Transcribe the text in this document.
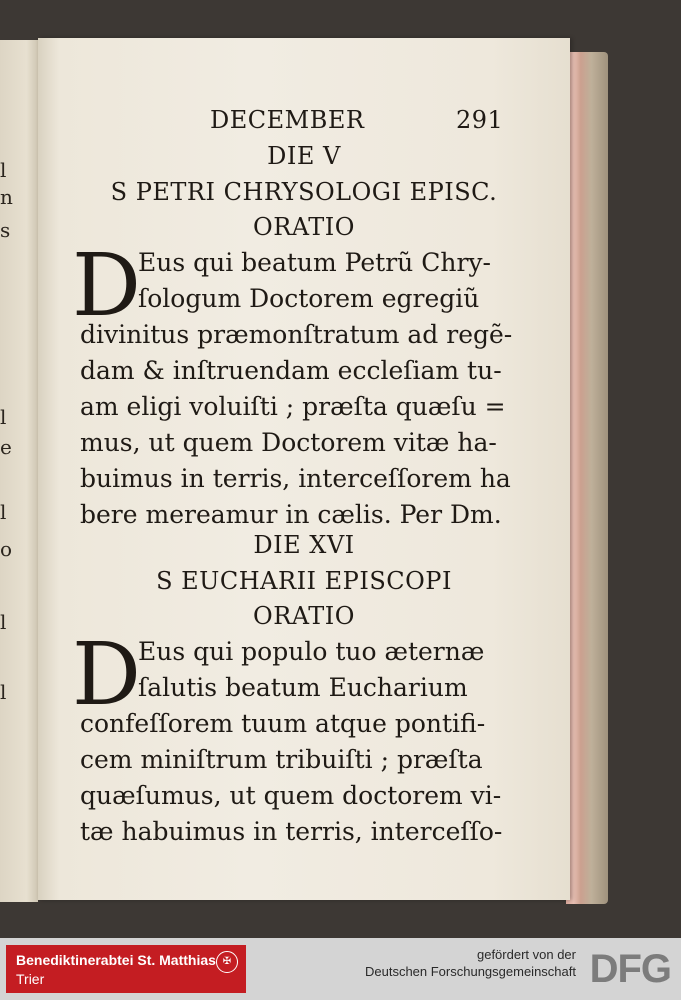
l
n
s
l
e
l
o
l
l
DECEMBER	291
DIE V
S PETRI CHRYSOLOGI EPISC.
ORATIO
D
Eus qui beatum Petrũ Chry-
ſologum Doctorem egregiũ
divinitus præmonſtratum ad regẽ-
dam & inſtruendam eccleſiam tu-
am eligi voluiſti ; præſta quæſu =
mus, ut quem Doctorem vitæ ha-
buimus in terris, interceſſorem ha
bere mereamur in cælis. Per Dm.
DIE XVI
S EUCHARII EPISCOPI
ORATIO
D
Eus qui populo tuo æternæ
ſalutis beatum Eucharium
confeſſorem tuum atque pontifi-
cem miniſtrum tribuiſti ; præſta
quæſumus, ut quem doctorem vi-
tæ habuimus in terris, interceſſo-
Benediktinerabtei St. Matthias
Trier
✠	gefördert von der
Deutschen Forschungsgemeinschaft DFG
